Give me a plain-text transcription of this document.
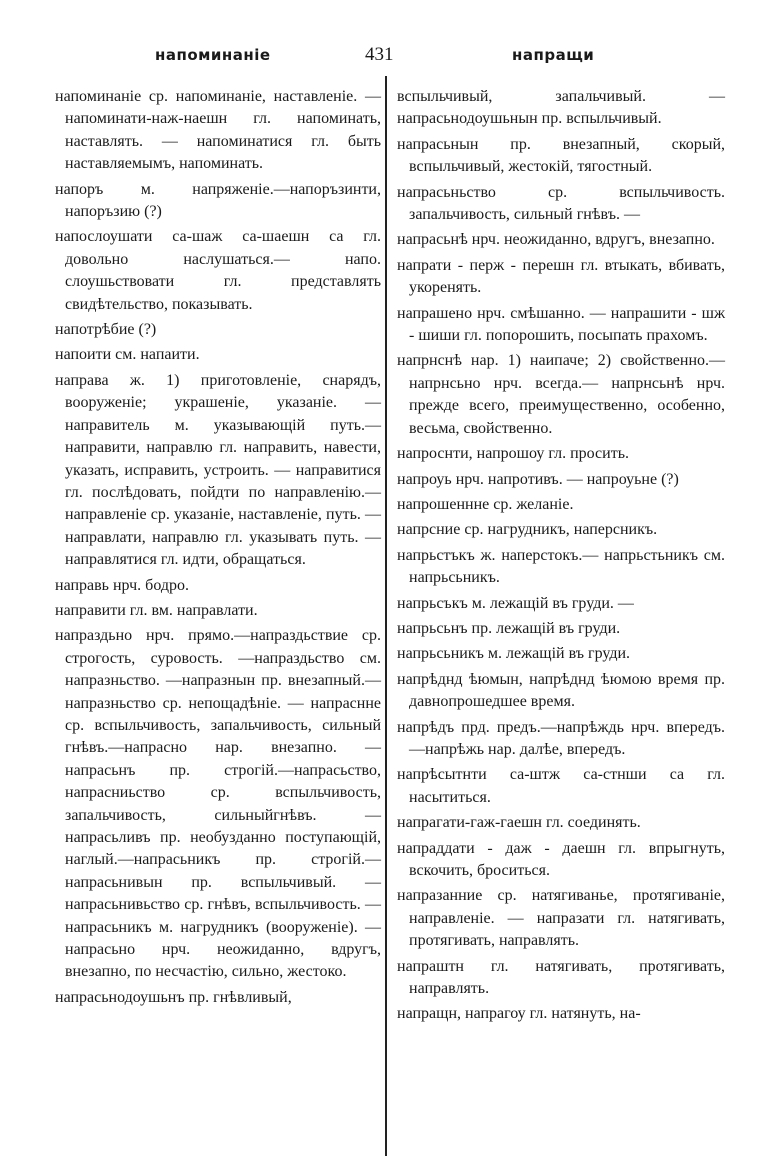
напоминаніе	431	напращи

напоминаніе ср. напоминаніе, наставленіе. — напоминати-наж-наешн гл. напоминать, наставлять. — напоминатися гл. быть наставляемымъ, напоминать.

напоръ м. напряженіе.—напоръзинти, напоръзию (?)

напослоушати са-шаж са-шаешн са гл. довольно наслушаться.— напо. слоушьствовати гл. представлять свидѣтельство, показывать.

напотрѣбие (?)

напоити см. напаити.

направа ж. 1) приготовленіе, снарядъ, вооруженіе; украшеніе, указаніе. — направитель м. указывающій путь.—направити, направлю гл. направить, навести, указать, исправить, устроить. — направитися гл. послѣдовать, пойдти по направленію.—направленіе ср. указаніе, наставленіе, путь. — направлати, направлю гл. указывать путь. — направлятися гл. идти, обращаться.

направь нрч. бодро.

направити гл. вм. направлати.

напраздьно нрч. прямо.—напраздьствие ср. строгость, суровость. —напраздьство см. напразньство. —напразнын пр. внезапный.— напразньство ср. непощадѣніе. — напраснне ср. вспыльчивость, запальчивость, сильный гнѣвъ.—напрасно нар. внезапно. — напрасьнъ пр. строгій.—напрасьство, напрасниьство ср. вспыльчивость, запальчивость, сильныйгнѣвъ. — напрасьливъ пр. необузданно поступающій, наглый.—напрасьникъ пр. строгій.— напрасьнивын пр. вспыльчивый. — напрасьнивьство ср. гнѣвъ, вспыльчивость. — напрасьникъ м. нагрудникъ (вооруженіе). —напрасьно нрч. неожиданно, вдругъ, внезапно, по несчастію, сильно, жестоко.

напрасьнодоушьнъ пр. гнѣвливый,

вспыльчивый, запальчивый. — напрасьнодоушьнын пр. вспыльчивый.

напрасьнын пр. внезапный, скорый, вспыльчивый, жестокій, тягостный.

напрасьньство ср. вспыльчивость. запальчивость, сильный гнѣвъ. —

напрасьнѣ нрч. неожиданно, вдругъ, внезапно.

напрати - перж - перешн гл. втыкать, вбивать, укоренять.

напрашено нрч. смѣшанно. — напрашити - шж - шиши гл. попорошить, посыпать прахомъ.

напрнснѣ нар. 1) наипаче; 2) свойственно.—напрнсьно нрч. всегда.— напрнсьнѣ нрч. прежде всего, преимущественно, особенно, весьма, свойственно.

напроснти, напрошоу гл. просить.

напроуь нрч. напротивъ. — напроуьне (?)

напрошеннне ср. желаніе.

напрсние ср. нагрудникъ, наперсникъ.

напрьстъкъ ж. наперстокъ.— напрьстьникъ см. напрьсьникъ.

напрьсъкъ м. лежащій въ груди. —

напрьсьнъ пр. лежащій въ груди.

напрьсьникъ м. лежащій въ груди.

напрѣднд ѣюмын, напрѣднд ѣюмою время пр. давнопрошедшее время.

напрѣдъ прд. предъ.—напрѣждь нрч. впередъ.—напрѣжь нар. далѣе, впередъ.

напрѣсытнти са-штж са-стнши са гл. насытиться.

напрагати-гаж-гаешн гл. соединять.

напраддати - даж - даешн гл. впрыгнуть, вскочить, броситься.

напразанние ср. натягиванье, протягиваніе, направленіе. — напразати гл. натягивать, протягивать, направлять.

напраштн гл. натягивать, протягивать, направлять.

напращн, напрагоу гл. натянуть, на-
